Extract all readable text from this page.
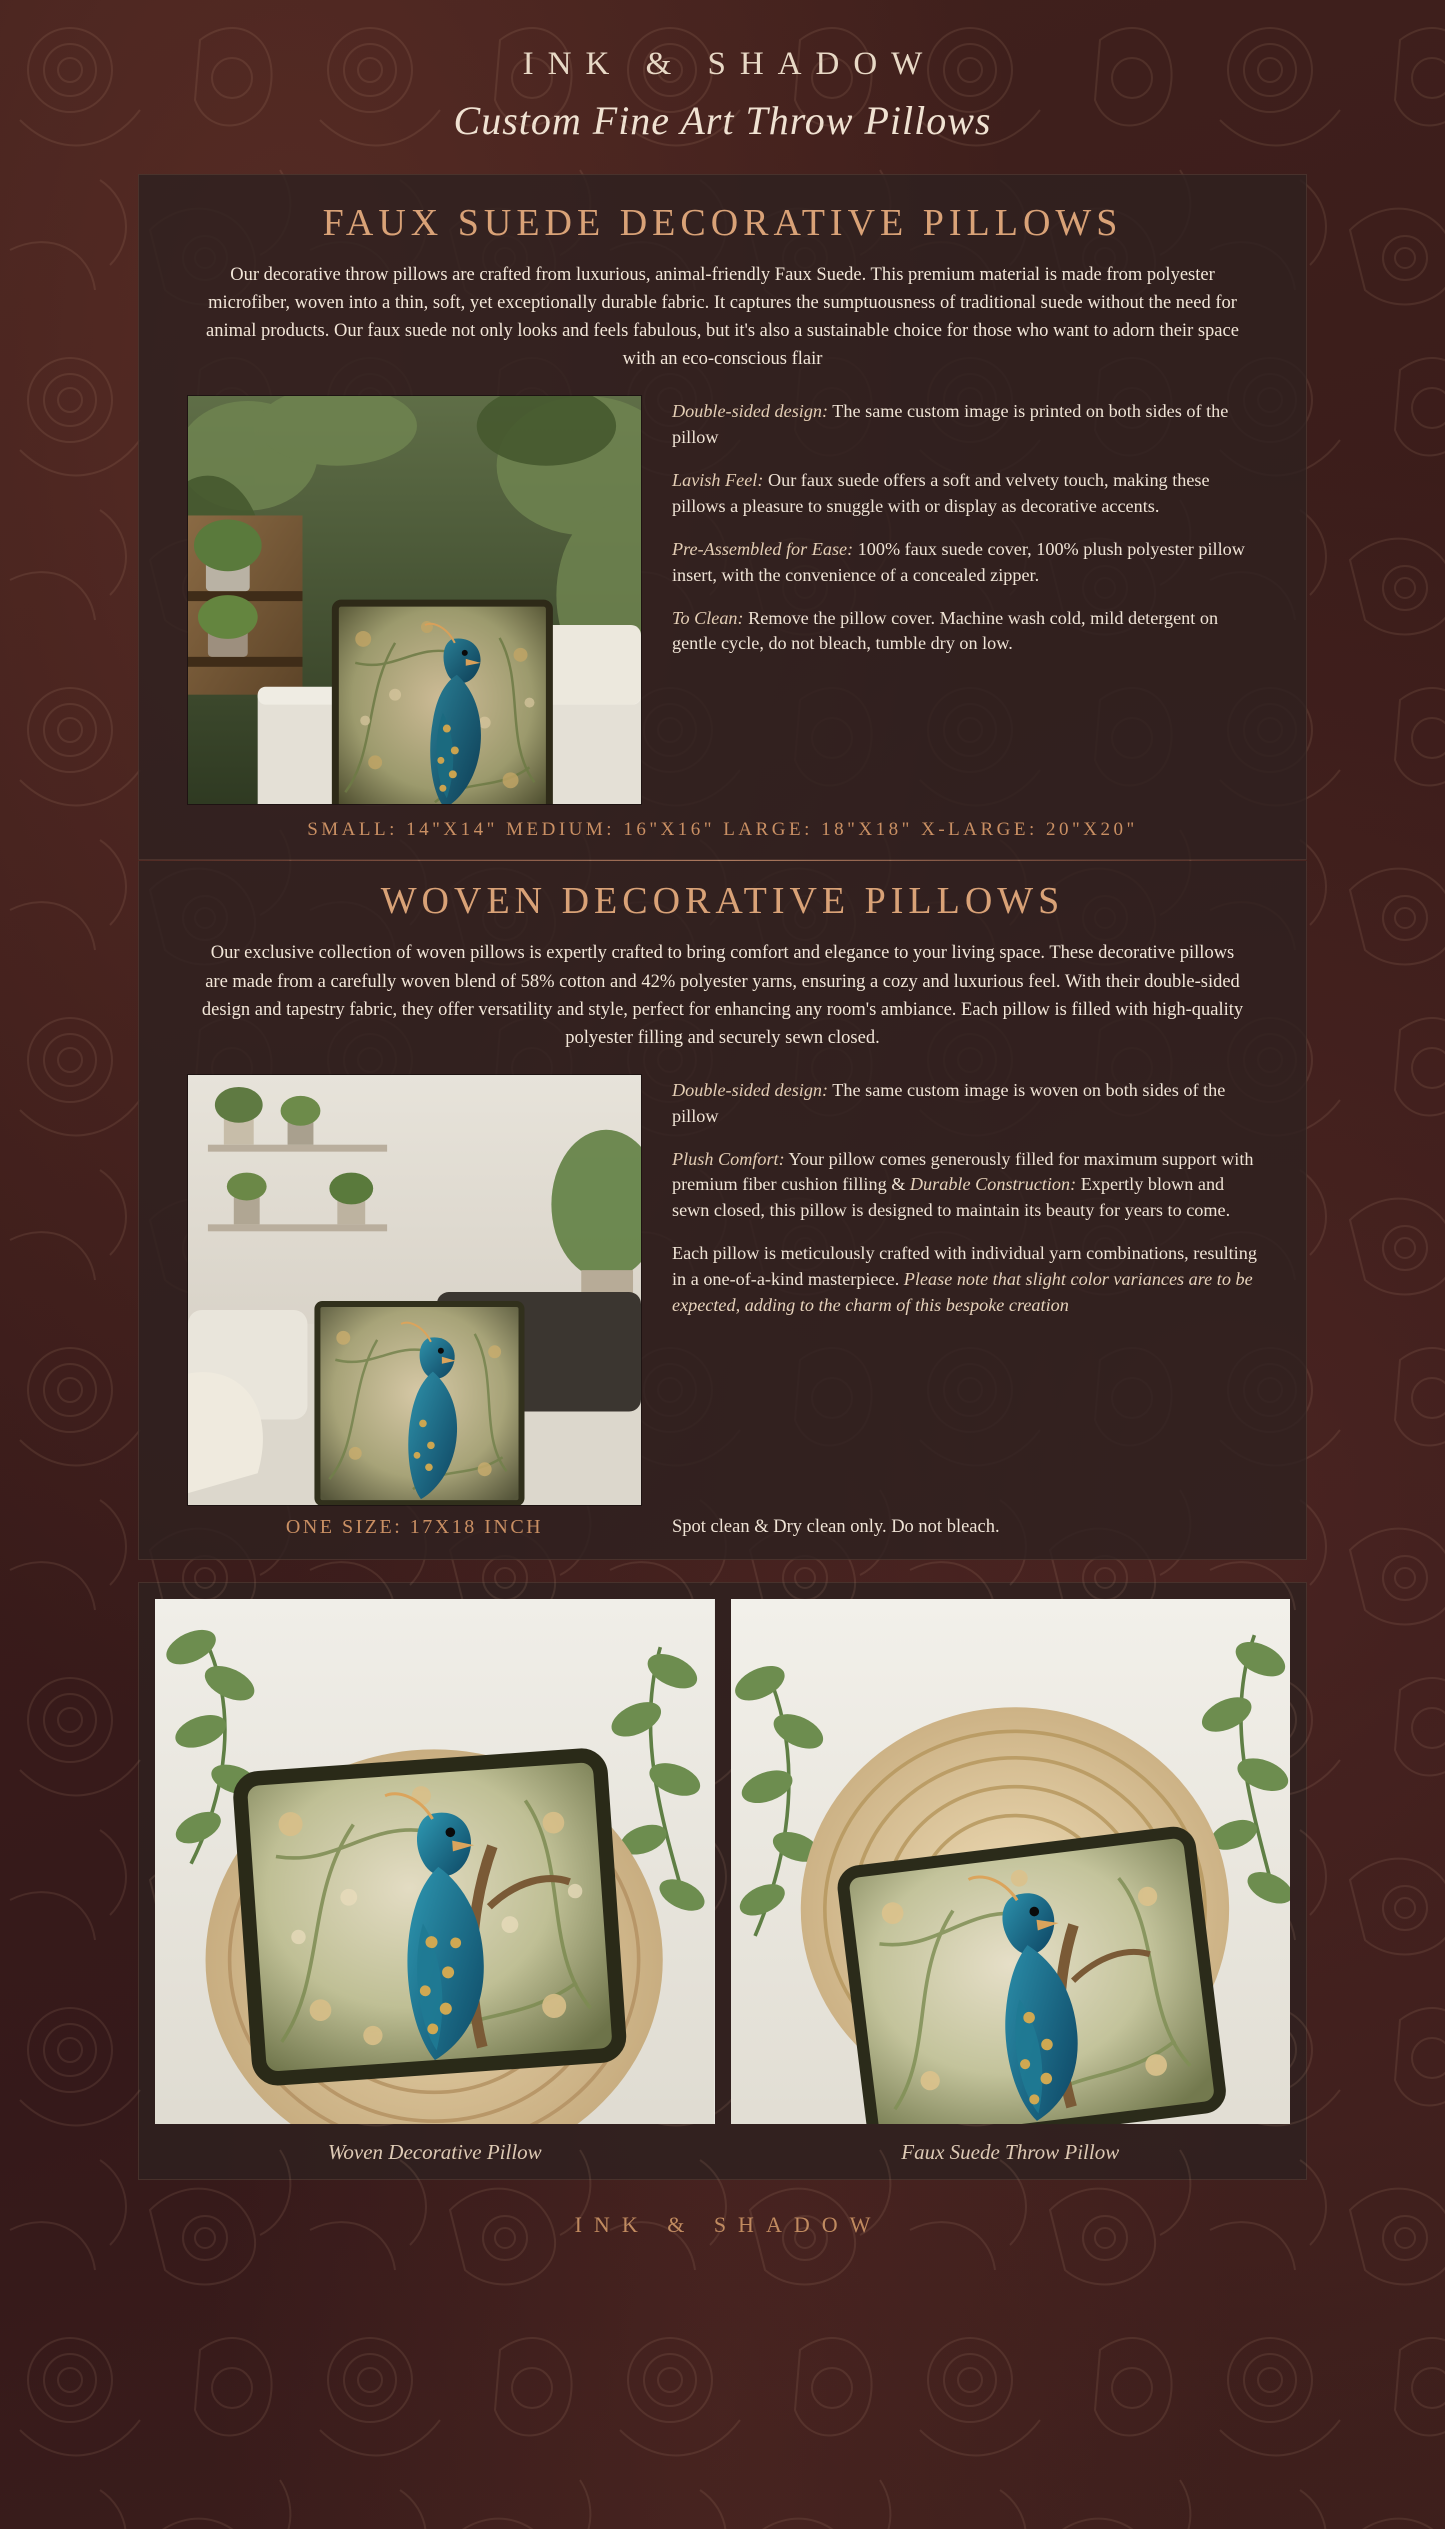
INK & SHADOW
Custom Fine Art Throw Pillows
FAUX SUEDE DECORATIVE PILLOWS
Our decorative throw pillows are crafted from luxurious, animal-friendly Faux Suede. This premium material is made from polyester microfiber, woven into a thin, soft, yet exceptionally durable fabric. It captures the sumptuousness of traditional suede without the need for animal products. Our faux suede not only looks and feels fabulous, but it's also a sustainable choice for those who want to adorn their space with an eco-conscious flair
Double-sided design: The same custom image is printed on both sides of the pillow
Lavish Feel: Our faux suede offers a soft and velvety touch, making these pillows a pleasure to snuggle with or display as decorative accents.
Pre-Assembled for Ease: 100% faux suede cover, 100% plush polyester pillow insert, with the convenience of a concealed zipper.
To Clean: Remove the pillow cover. Machine wash cold, mild detergent on gentle cycle, do not bleach, tumble dry on low.
SMALL: 14"X14" MEDIUM: 16"X16" LARGE: 18"X18" X-LARGE: 20"X20"
WOVEN DECORATIVE PILLOWS
Our exclusive collection of woven pillows is expertly crafted to bring comfort and elegance to your living space. These decorative pillows are made from a carefully woven blend of 58% cotton and 42% polyester yarns, ensuring a cozy and luxurious feel. With their double-sided design and tapestry fabric, they offer versatility and style, perfect for enhancing any room's ambiance. Each pillow is filled with high-quality polyester filling and securely sewn closed.
Double-sided design: The same custom image is woven on both sides of the pillow
Plush Comfort: Your pillow comes generously filled for maximum support with premium fiber cushion filling & Durable Construction: Expertly blown and sewn closed, this pillow is designed to maintain its beauty for years to come.
Each pillow is meticulously crafted with individual yarn combinations, resulting in a one-of-a-kind masterpiece. Please note that slight color variances are to be expected, adding to the charm of this bespoke creation
ONE SIZE: 17X18 INCH	Spot clean & Dry clean only. Do not bleach.
Woven Decorative Pillow	Faux Suede Throw Pillow
INK & SHADOW
